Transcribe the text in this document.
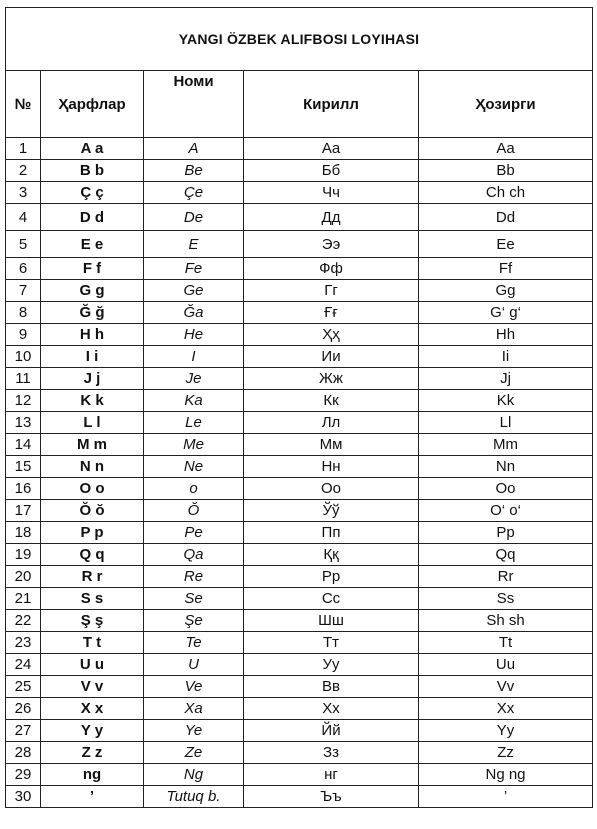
YANGI ÖZBEK ALIFBOSI LOYIHASI				
№	Ҳарфлар	Номи	Кирилл	Ҳозирги
1	A a	A	Aa	Aa
2	B b	Be	Бб	Bb
3	Ç ç	Çe	Чч	Ch ch
4	D d	De	Дд	Dd
5	E e	E	Ээ	Ee
6	F f	Fe	Фф	Ff
7	G g	Ge	Гг	Gg
8	Ğ ğ	Ğa	Ғғ	G‘ g‘
9	H h	He	Ҳҳ	Hh
10	I i	I	Ии	Ii
11	J j	Je	Жж	Jj
12	K k	Ka	Кк	Kk
13	L l	Le	Лл	Ll
14	M m	Me	Мм	Mm
15	N n	Ne	Нн	Nn
16	O o	o	Оо	Oo
17	Ŏ ŏ	Ŏ	Ўў	O‘ o‘
18	P p	Pe	Пп	Pp
19	Q q	Qa	Ққ	Qq
20	R r	Re	Рр	Rr
21	S s	Se	Сс	Ss
22	Ş ş	Şe	Шш	Sh sh
23	T t	Te	Тт	Tt
24	U u	U	Уу	Uu
25	V v	Ve	Вв	Vv
26	X x	Xa	Хх	Xx
27	Y y	Ye	Йй	Yy
28	Z z	Ze	Зз	Zz
29	ng	Ng	нг	Ng ng
30	’	Tutuq b.	Ъъ	’
